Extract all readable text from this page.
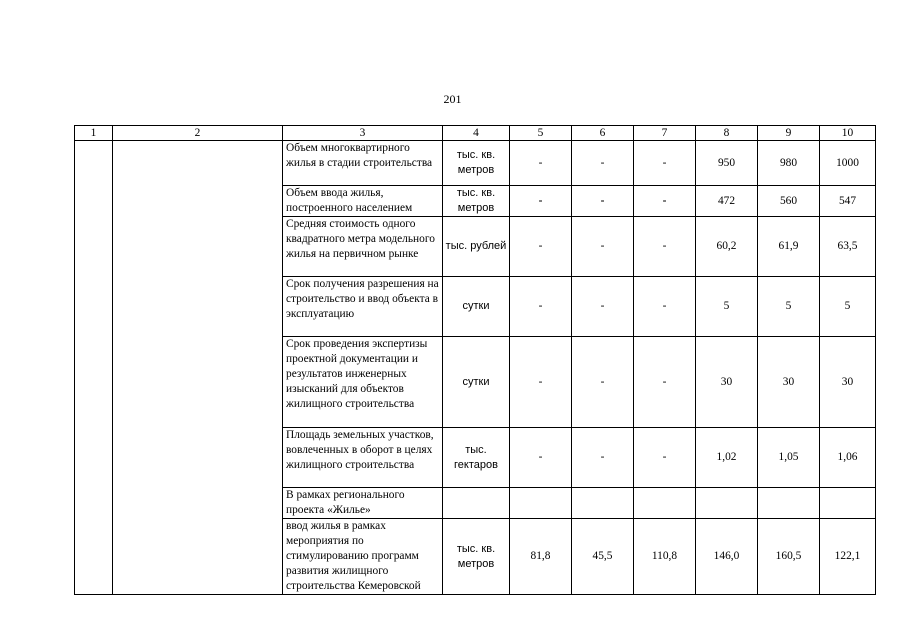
201
1	2	3	4	5	6	7	8	9	10
		Объем многоквартирного жилья в стадии строительства	тыс. кв. метров	-	-	-	950	980	1000
		Объем ввода жилья, построенного населением	тыс. кв. метров	-	-	-	472	560	547
		Средняя стоимость одного квадратного метра модельного жилья на первичном рынке	тыс. рублей	-	-	-	60,2	61,9	63,5
		Срок получения разрешения на строительство и ввод объекта в эксплуатацию	сутки	-	-	-	5	5	5
		Срок проведения экспертизы проектной документации и результатов инженерных изысканий для объектов жилищного строительства	сутки	-	-	-	30	30	30
		Площадь земельных участков, вовлеченных в оборот в целях жилищного строительства	тыс. гектаров	-	-	-	1,02	1,05	1,06
		В рамках регионального проекта «Жилье»							
		ввод жилья в рамках мероприятия по стимулированию программ развития жилищного строительства Кемеровской	тыс. кв. метров	81,8	45,5	110,8	146,0	160,5	122,1
